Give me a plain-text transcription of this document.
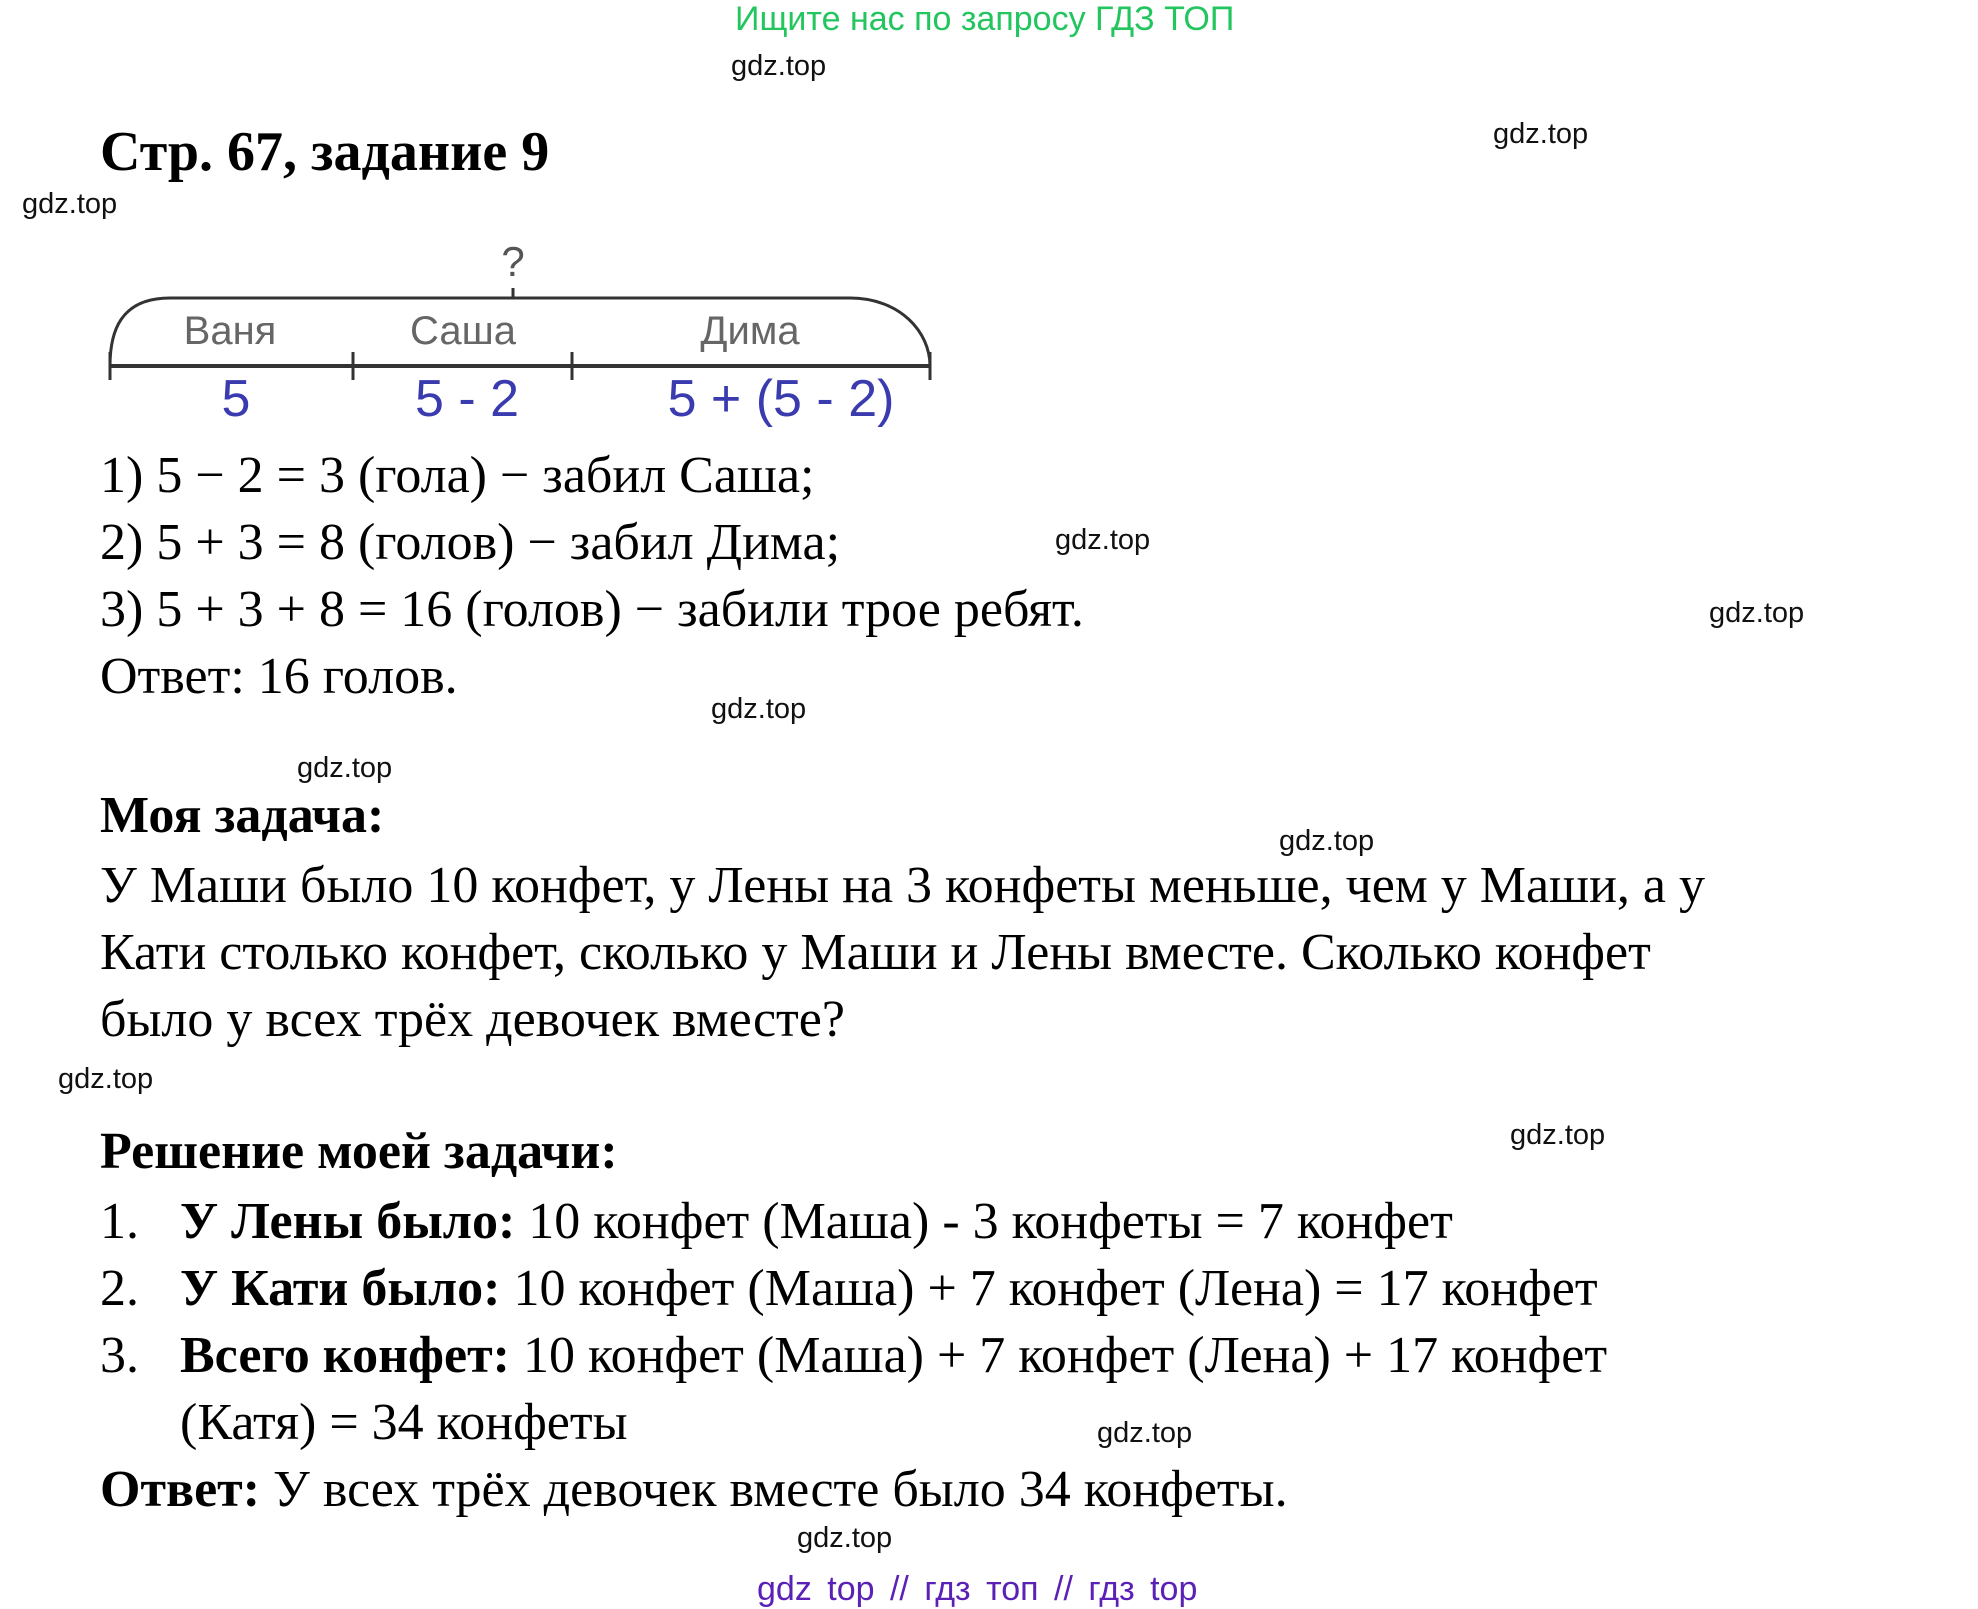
Ищите нас по запросу ГДЗ ТОП
gdz.top
gdz.top
gdz.top
gdz.top
gdz.top
gdz.top
gdz.top
gdz.top
gdz.top
gdz.top
gdz.top
gdz.top
Стр. 67, задание 9
?
Ваня	Саша	Дима
5	5 - 2	5 + (5 - 2)
1) 5 − 2 = 3 (гола) − забил Саша;
2) 5 + 3 = 8 (голов) − забил Дима;
3) 5 + 3 + 8 = 16 (голов) − забили трое ребят.
Ответ: 16 голов.
Моя задача:
У Маши было 10 конфет, у Лены на 3 конфеты меньше, чем у Маши, а у
Кати столько конфет, сколько у Маши и Лены вместе. Сколько конфет
было у всех трёх девочек вместе?
Решение моей задачи:
1. У Лены было: 10 конфет (Маша) - 3 конфеты = 7 конфет
2. У Кати было: 10 конфет (Маша) + 7 конфет (Лена) = 17 конфет
3. Всего конфет: 10 конфет (Маша) + 7 конфет (Лена) + 17 конфет
(Катя) = 34 конфеты
Ответ: У всех трёх девочек вместе было 34 конфеты.
gdz top // гдз топ // гдз top
